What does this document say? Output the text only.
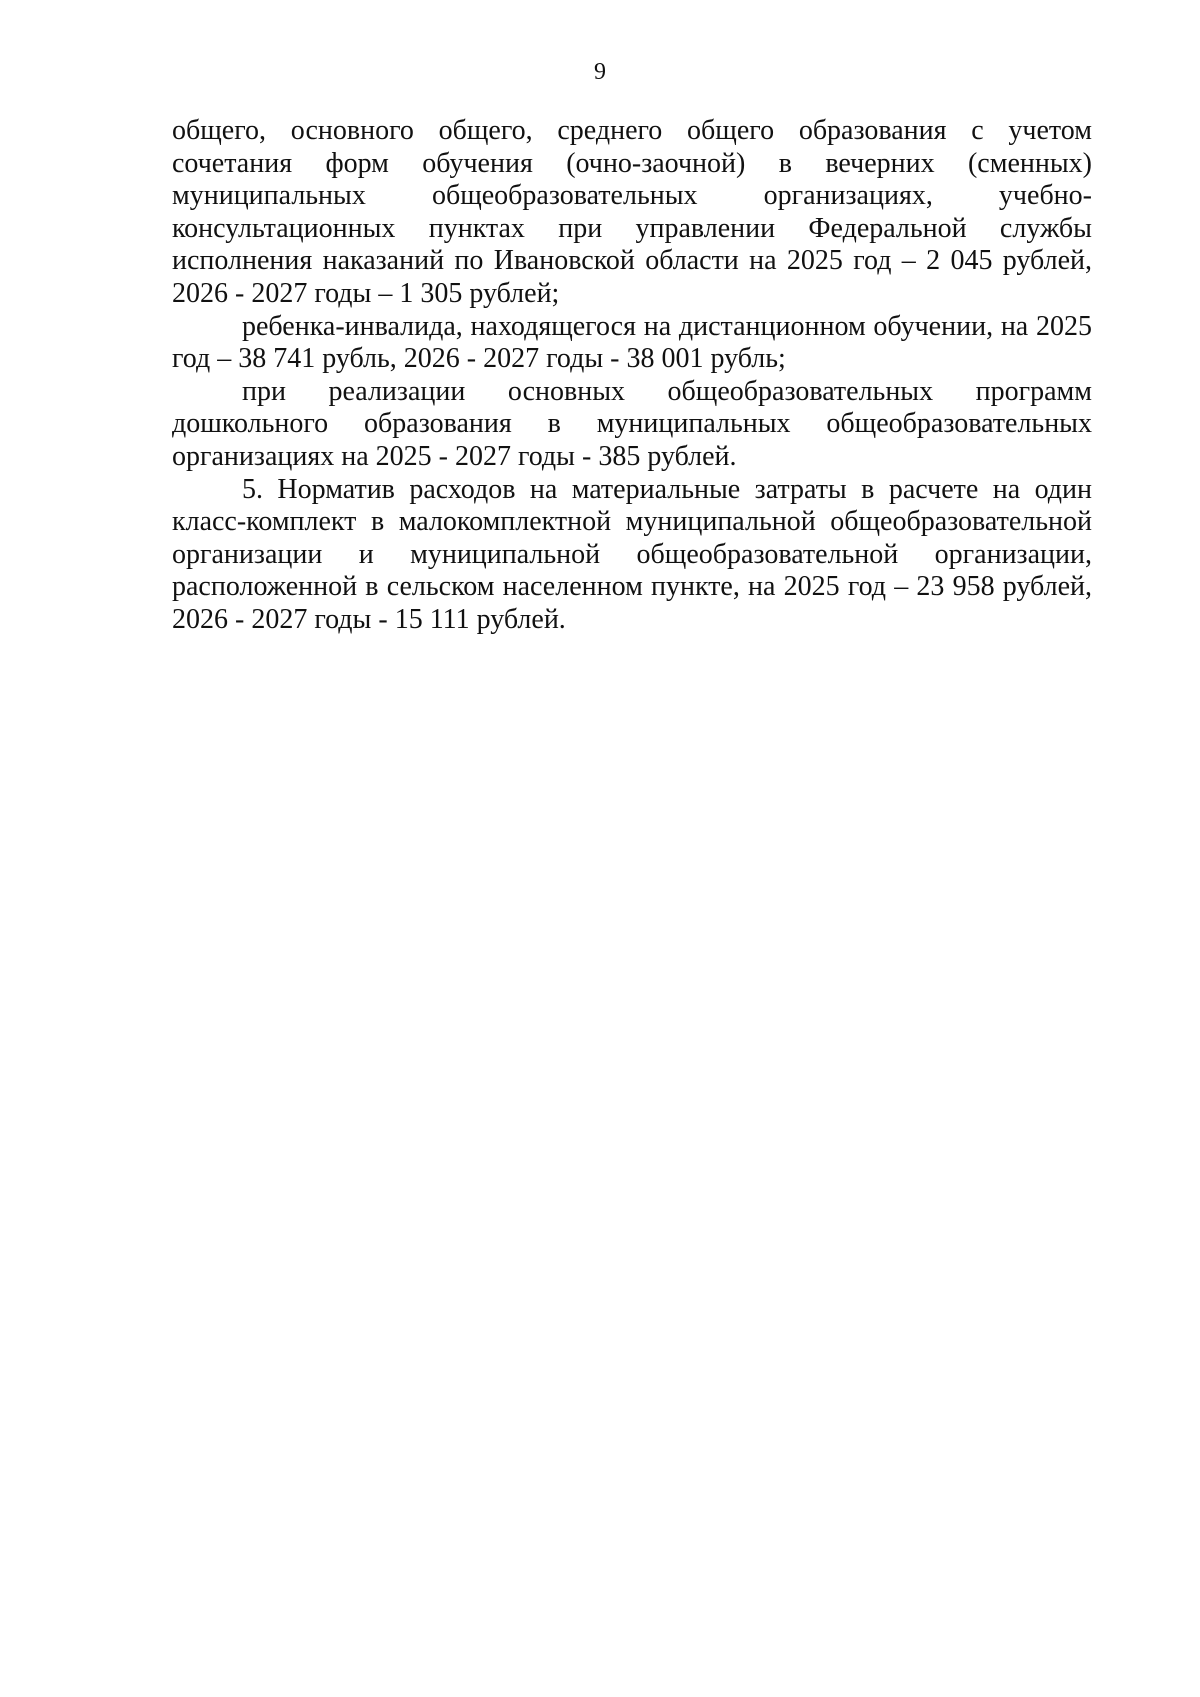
9

общего, основного общего, среднего общего образования с учетом сочетания форм обучения (очно-заочной) в вечерних (сменных) муниципальных общеобразовательных организациях, учебно-консультационных пунктах при управлении Федеральной службы исполнения наказаний по Ивановской области на 2025 год – 2 045 рублей, 2026 - 2027 годы – 1 305 рублей;

ребенка-инвалида, находящегося на дистанционном обучении, на 2025 год – 38 741 рубль, 2026 - 2027 годы - 38 001 рубль;

при реализации основных общеобразовательных программ дошкольного образования в муниципальных общеобразовательных организациях на 2025 - 2027 годы - 385 рублей.

5. Норматив расходов на материальные затраты в расчете на один класс-комплект в малокомплектной муниципальной общеобразовательной организации и муниципальной общеобразовательной организации, расположенной в сельском населенном пункте, на 2025 год – 23 958 рублей, 2026 - 2027 годы - 15 111 рублей.
